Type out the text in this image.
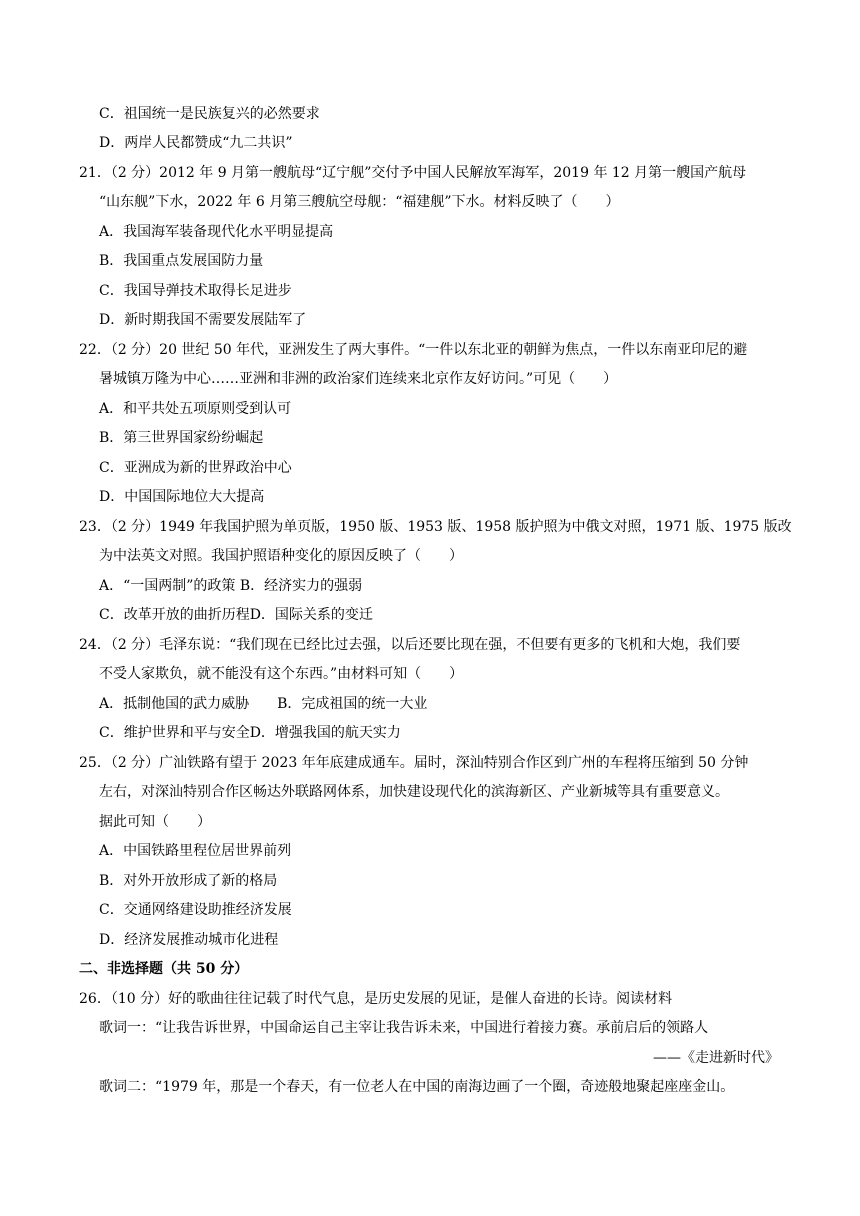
C．祖国统一是民族复兴的必然要求
D．两岸人民都赞成“九二共识”
21．（2 分）2012 年 9 月第一艘航母“辽宁舰”交付予中国人民解放军海军，2019 年 12 月第一艘国产航母
“山东舰”下水，2022 年 6 月第三艘航空母舰：“福建舰”下水。材料反映了（　　）
A．我国海军装备现代化水平明显提高
B．我国重点发展国防力量
C．我国导弹技术取得长足进步
D．新时期我国不需要发展陆军了
22．（2 分）20 世纪 50 年代，亚洲发生了两大事件。“一件以东北亚的朝鲜为焦点，一件以东南亚印尼的避
暑城镇万隆为中心……亚洲和非洲的政治家们连续来北京作友好访问。”可见（　　）
A．和平共处五项原则受到认可
B．第三世界国家纷纷崛起
C．亚洲成为新的世界政治中心
D．中国国际地位大大提高
23．（2 分）1949 年我国护照为单页版，1950 版、1953 版、1958 版护照为中俄文对照，1971 版、1975 版改
为中法英文对照。我国护照语种变化的原因反映了（　　）
A．“一国两制”的政策 B．经济实力的强弱
C．改革开放的曲折历程D．国际关系的变迁
24．（2 分）毛泽东说：“我们现在已经比过去强，以后还要比现在强，不但要有更多的飞机和大炮，我们要
不受人家欺负，就不能没有这个东西。”由材料可知（　　）
A．抵制他国的武力威胁　　B．完成祖国的统一大业
C．维护世界和平与安全D．增强我国的航天实力
25．（2 分）广汕铁路有望于 2023 年年底建成通车。届时，深汕特别合作区到广州的车程将压缩到 50 分钟
左右，对深汕特别合作区畅达外联路网体系，加快建设现代化的滨海新区、产业新城等具有重要意义。
据此可知（　　）
A．中国铁路里程位居世界前列
B．对外开放形成了新的格局
C．交通网络建设助推经济发展
D．经济发展推动城市化进程
二、非选择题（共 50 分）
26．（10 分）好的歌曲往往记载了时代气息，是历史发展的见证，是催人奋进的长诗。阅读材料
歌词一：“让我告诉世界，中国命运自己主宰让我告诉未来，中国进行着接力赛。承前启后的领路人
——《走进新时代》
歌词二：“1979 年，那是一个春天，有一位老人在中国的南海边画了一个圈，奇迹般地聚起座座金山。
